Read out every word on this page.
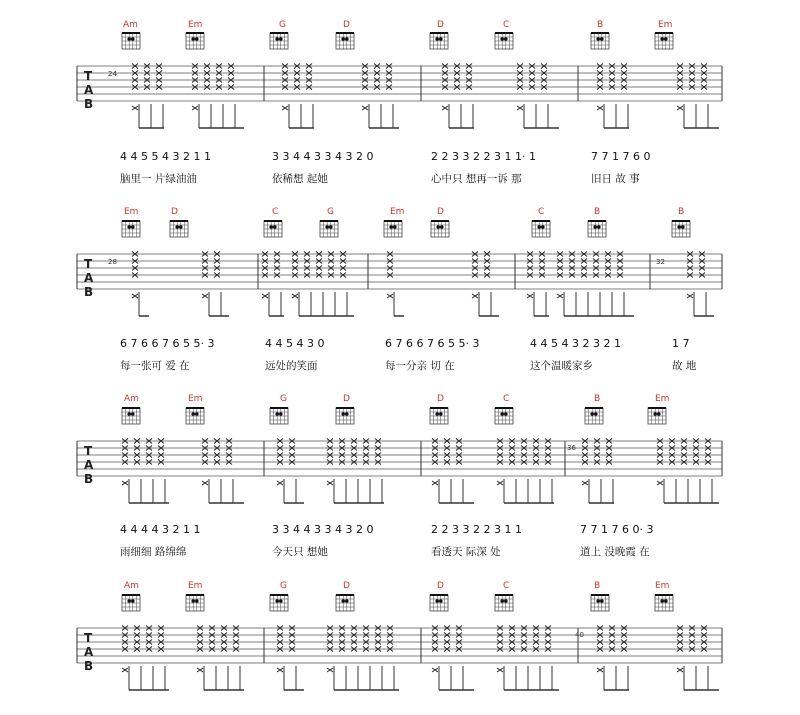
Am	Em	G	D	D	C	B	Em
24
T
A
B
4 4 5 5 4 3 2 1 1	3 3 4 4 3 3 4 3 2 0	2 2 3 3 2 2 3 1 1· 1	7 7 1 7 6 0
脑里一 片绿油油	依稀想 起她	心中只 想再一诉 那	旧日 故 事
Em	D	C	G	Em	D	C	B	B
28	32
T
A
B
6 7 6 6 7 6 5 5· 3	4 4 5 4 3 0	6 7 6 6 7 6 5 5· 3	4 4 5 4 3 2 3 2 1	1 7
每一张可 爱 在	远处的笑面	每一分亲 切 在	这个温暖家乡	故 地
Am	Em	G	D	D	C	B	Em
36
T
A
B
4 4 4 4 3 2 1 1	3 3 4 4 3 3 4 3 2 0	2 2 3 3 2 2 3 1 1	7 7 1 7 6 0· 3
雨细细 路绵绵	今天只 想她	看透天 际深 处	道上 没晚霞 在
Am	Em	G	D	D	C	B	Em
40
T
A
B
